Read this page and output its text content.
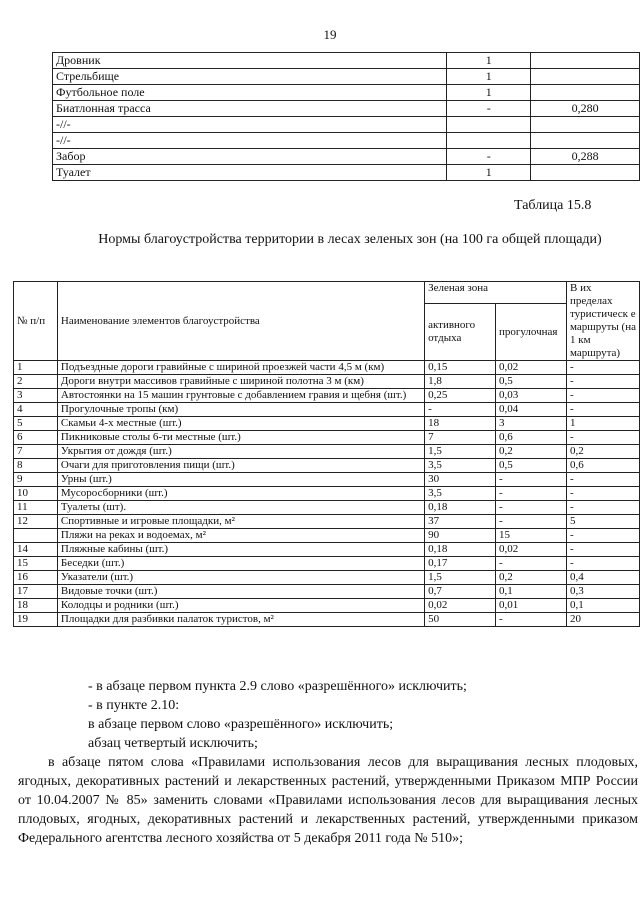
19
Дровник	1	
Стрельбище	1	
Футбольное поле	1	
Биатлонная трасса	-	0,280
-//-		
-//-		
Забор	-	0,288
Туалет	1	
Таблица 15.8
Нормы благоустройства территории в лесах зеленых зон (на 100 га общей площади)
№ п/п	Наименование элементов благоустройства	Зеленая зона		В их пределах туристическ е маршруты (на 1 км маршрута)
		активного отдыха	прогулочная	
1	Подъездные дороги гравийные с шириной проезжей части 4,5 м (км)	0,15	0,02	-
2	Дороги внутри массивов гравийные с шириной полотна 3 м (км)	1,8	0,5	-
3	Автостоянки на 15 машин грунтовые с добавлением гравия и щебня (шт.)	0,25	0,03	-
4	Прогулочные тропы (км)	-	0,04	-
5	Скамьи 4-х местные (шт.)	18	3	1
6	Пикниковые столы 6-ти местные (шт.)	7	0,6	-
7	Укрытия от дождя (шт.)	1,5	0,2	0,2
8	Очаги для приготовления пищи (шт.)	3,5	0,5	0,6
9	Урны (шт.)	30	-	-
10	Мусоросборники (шт.)	3,5	-	-
11	Туалеты (шт).	0,18	-	-
12	Спортивные и игровые площадки, м²	37	-	5
	Пляжи на реках и водоемах, м²	90	15	-
14	Пляжные кабины (шт.)	0,18	0,02	-
15	Беседки (шт.)	0,17	-	-
16	Указатели (шт.)	1,5	0,2	0,4
17	Видовые точки (шт.)	0,7	0,1	0,3
18	Колодцы и родники (шт.)	0,02	0,01	0,1
19	Площадки для разбивки палаток туристов, м²	50	-	20

- в абзаце первом пункта 2.9 слово «разрешённого» исключить;

- в пункте 2.10:

в абзаце первом слово «разрешённого» исключить;

абзац четвертый исключить;

в абзаце пятом слова «Правилами использования лесов для выращивания лесных плодовых, ягодных, декоративных растений и лекарственных растений, утвержденными Приказом МПР России от 10.04.2007 № 85» заменить словами «Правилами использования лесов для выращивания лесных плодовых, ягодных, декоративных растений и лекарственных растений, утвержденными приказом Федерального агентства лесного хозяйства от 5 декабря 2011 года № 510»;
